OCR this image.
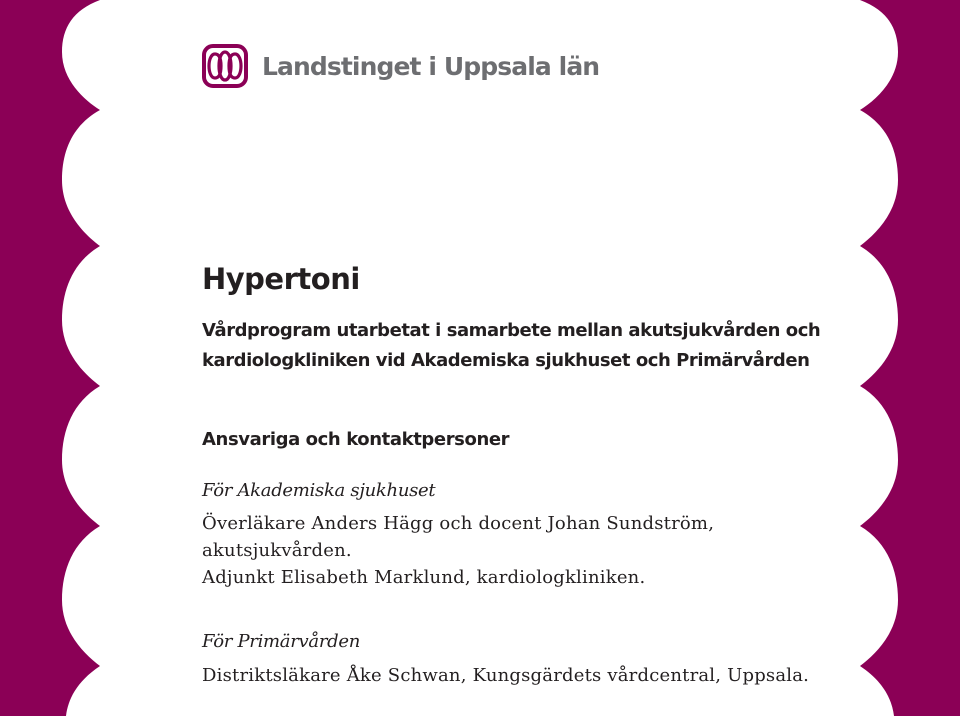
Landstinget i Uppsala län
Hypertoni

Vårdprogram utarbetat i samarbete mellan akutsjukvården och
kardiologkliniken vid Akademiska sjukhuset och Primärvården

Ansvariga och kontaktpersoner

För Akademiska sjukhuset

Överläkare Anders Hägg och docent Johan Sundström,
akutsjukvården.
Adjunkt Elisabeth Marklund, kardiologkliniken.

För Primärvården

Distriktsläkare Åke Schwan, Kungsgärdets vårdcentral, Uppsala.
